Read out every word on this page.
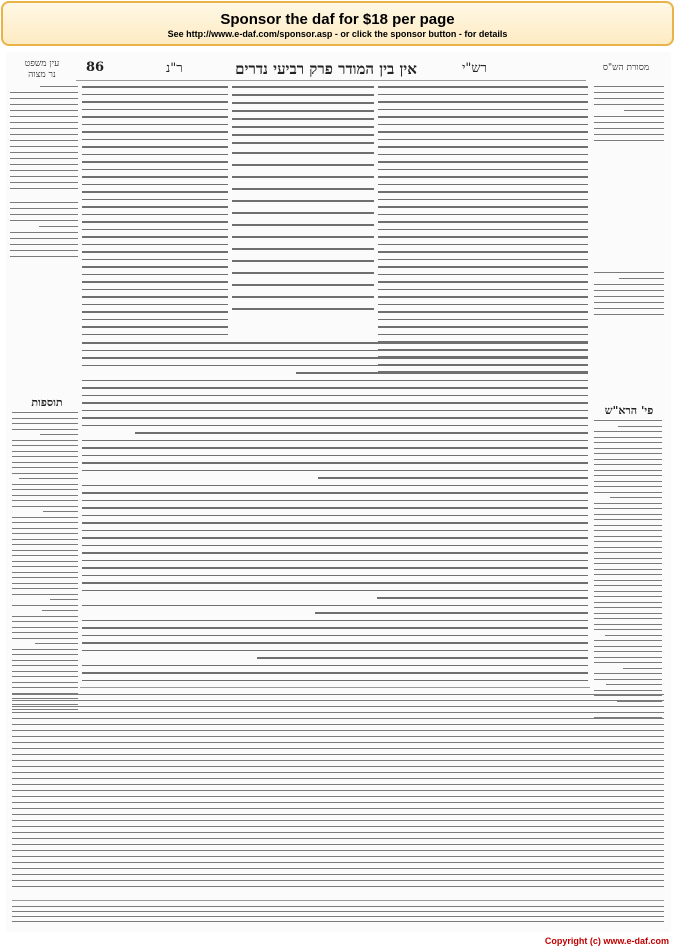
Sponsor the daf for $18 per page
See http://www.e-daf.com/sponsor.asp - or click the sponsor button - for details
86	ר"נ	אין בין המודר פרק רביעי נדרים	רש"י
עין משפט
נר מצוה
מסורת הש"ס
תוספות
פי' הרא"ש
Copyright (c) www.e-daf.com
